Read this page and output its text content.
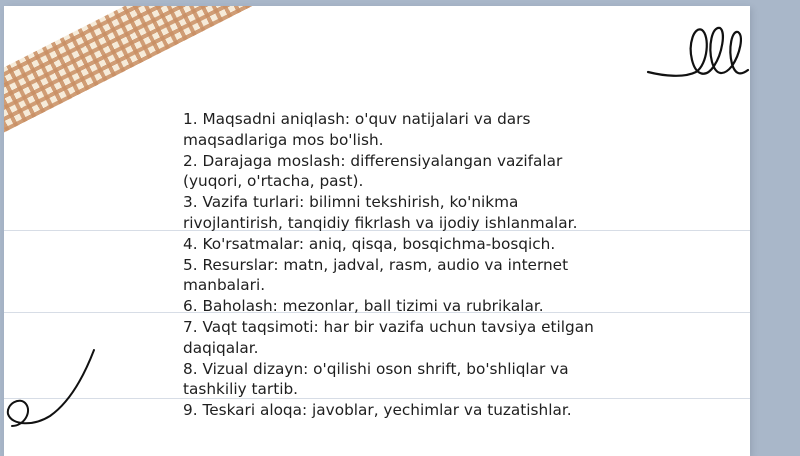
1. Maqsadni aniqlash: o'quv natijalari va dars
maqsadlariga mos bo'lish.
2. Darajaga moslash: differensiyalangan vazifalar
(yuqori, o'rtacha, past).
3. Vazifa turlari: bilimni tekshirish, ko'nikma
rivojlantirish, tanqidiy fikrlash va ijodiy ishlanmalar.
4. Ko'rsatmalar: aniq, qisqa, bosqichma-bosqich.
5. Resurslar: matn, jadval, rasm, audio va internet
manbalari.
6. Baholash: mezonlar, ball tizimi va rubrikalar.
7. Vaqt taqsimoti: har bir vazifa uchun tavsiya etilgan
daqiqalar.
8. Vizual dizayn: o'qilishi oson shrift, bo'shliqlar va
tashkiliy tartib.
9. Teskari aloqa: javoblar, yechimlar va tuzatishlar.
